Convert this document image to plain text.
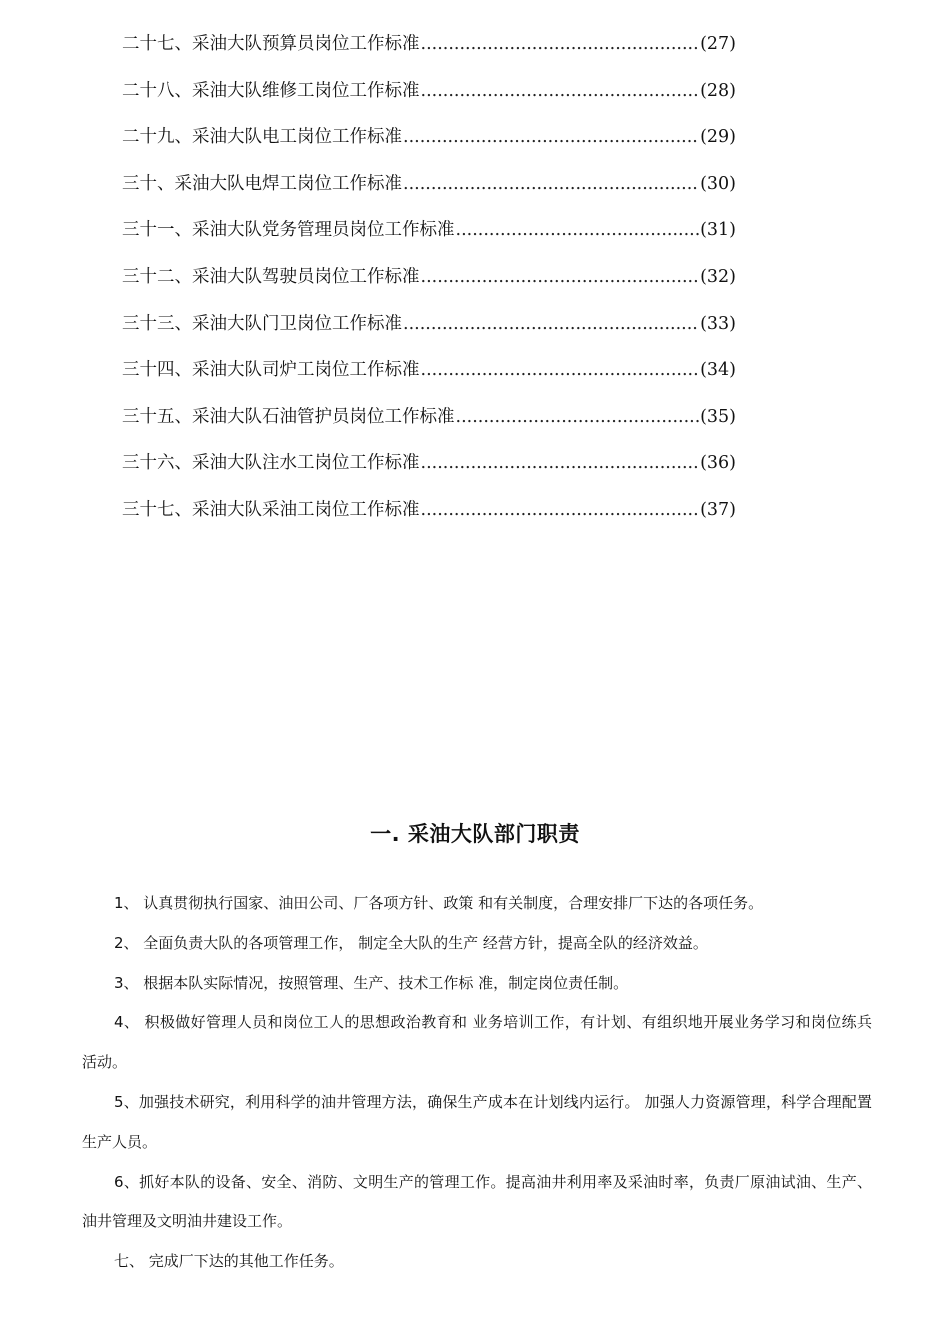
二十七、采油大队预算员岗位工作标准 .....	(27)
二十八、采油大队维修工岗位工作标准 .....	(28)
二十九、采油大队电工岗位工作标准 .....	(29)
三十、采油大队电焊工岗位工作标准 .....	(30)
三十一、采油大队党务管理员岗位工作标准 .....	(31)
三十二、采油大队驾驶员岗位工作标准 .....	(32)
三十三、采油大队门卫岗位工作标准 .....	(33)
三十四、采油大队司炉工岗位工作标准 .....	(34)
三十五、采油大队石油管护员岗位工作标准 .....	(35)
三十六、采油大队注水工岗位工作标准 .....	(36)
三十七、采油大队采油工岗位工作标准 .....	(37)
一. 采油大队部门职责

1、 认真贯彻执行国家、油田公司、厂各项方针、政策 和有关制度，合理安排厂下达的各项任务。

2、 全面负责大队的各项管理工作， 制定全大队的生产 经营方针，提高全队的经济效益。

3、 根据本队实际情况，按照管理、生产、技术工作标 准，制定岗位责任制。

4、 积极做好管理人员和岗位工人的思想政治教育和 业务培训工作，有计划、有组织地开展业务学习和岗位练兵 活动。

5、加强技术研究，利用科学的油井管理方法，确保生产成本在计划线内运行。 加强人力资源管理，科学合理配置生产人员。

6、抓好本队的设备、安全、消防、文明生产的管理工作。提高油井利用率及采油时率，负责厂原油试油、生产、油井管理及文明油井建设工作。

七、 完成厂下达的其他工作任务。
